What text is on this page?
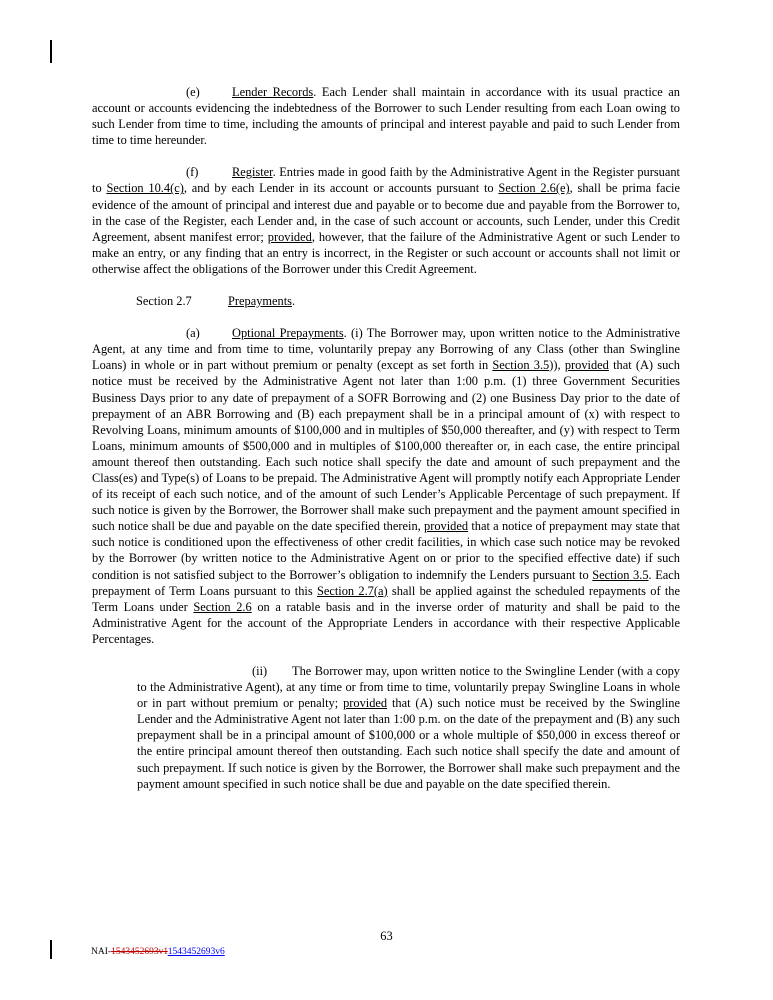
(e)	Lender Records. Each Lender shall maintain in accordance with its usual practice an account or accounts evidencing the indebtedness of the Borrower to such Lender resulting from each Loan owing to such Lender from time to time, including the amounts of principal and interest payable and paid to such Lender from time to time hereunder.

(f)	Register. Entries made in good faith by the Administrative Agent in the Register pursuant to Section 10.4(c), and by each Lender in its account or accounts pursuant to Section 2.6(e), shall be prima facie evidence of the amount of principal and interest due and payable or to become due and payable from the Borrower to, in the case of the Register, each Lender and, in the case of such account or accounts, such Lender, under this Credit Agreement, absent manifest error; provided, however, that the failure of the Administrative Agent or such Lender to make an entry, or any finding that an entry is incorrect, in the Register or such account or accounts shall not limit or otherwise affect the obligations of the Borrower under this Credit Agreement.

Section 2.7	Prepayments.

(a)	Optional Prepayments. (i) The Borrower may, upon written notice to the Administrative Agent, at any time and from time to time, voluntarily prepay any Borrowing of any Class (other than Swingline Loans) in whole or in part without premium or penalty (except as set forth in Section 3.5)), provided that (A) such notice must be received by the Administrative Agent not later than 1:00 p.m. (1) three Government Securities Business Days prior to any date of prepayment of a SOFR Borrowing and (2) one Business Day prior to the date of prepayment of an ABR Borrowing and (B) each prepayment shall be in a principal amount of (x) with respect to Revolving Loans, minimum amounts of $100,000 and in multiples of $50,000 thereafter, and (y) with respect to Term Loans, minimum amounts of $500,000 and in multiples of $100,000 thereafter or, in each case, the entire principal amount thereof then outstanding. Each such notice shall specify the date and amount of such prepayment and the Class(es) and Type(s) of Loans to be prepaid. The Administrative Agent will promptly notify each Appropriate Lender of its receipt of each such notice, and of the amount of such Lender’s Applicable Percentage of such prepayment. If such notice is given by the Borrower, the Borrower shall make such prepayment and the payment amount specified in such notice shall be due and payable on the date specified therein, provided that a notice of prepayment may state that such notice is conditioned upon the effectiveness of other credit facilities, in which case such notice may be revoked by the Borrower (by written notice to the Administrative Agent on or prior to the specified effective date) if such condition is not satisfied subject to the Borrower’s obligation to indemnify the Lenders pursuant to Section 3.5. Each prepayment of Term Loans pursuant to this Section 2.7(a) shall be applied against the scheduled repayments of the Term Loans under Section 2.6 on a ratable basis and in the inverse order of maturity and shall be paid to the Administrative Agent for the account of the Appropriate Lenders in accordance with their respective Applicable Percentages.

(ii) The Borrower may, upon written notice to the Swingline Lender (with a copy to the Administrative Agent), at any time or from time to time, voluntarily prepay Swingline Loans in whole or in part without premium or penalty; provided that (A) such notice must be received by the Swingline Lender and the Administrative Agent not later than 1:00 p.m. on the date of the prepayment and (B) any such prepayment shall be in a principal amount of $100,000 or a whole multiple of $50,000 in excess thereof or the entire principal amount thereof then outstanding. Each such notice shall specify the date and amount of such prepayment. If such notice is given by the Borrower, the Borrower shall make such prepayment and the payment amount specified in such notice shall be due and payable on the date specified therein.

63
NAI-1543452693v11543452693v6
